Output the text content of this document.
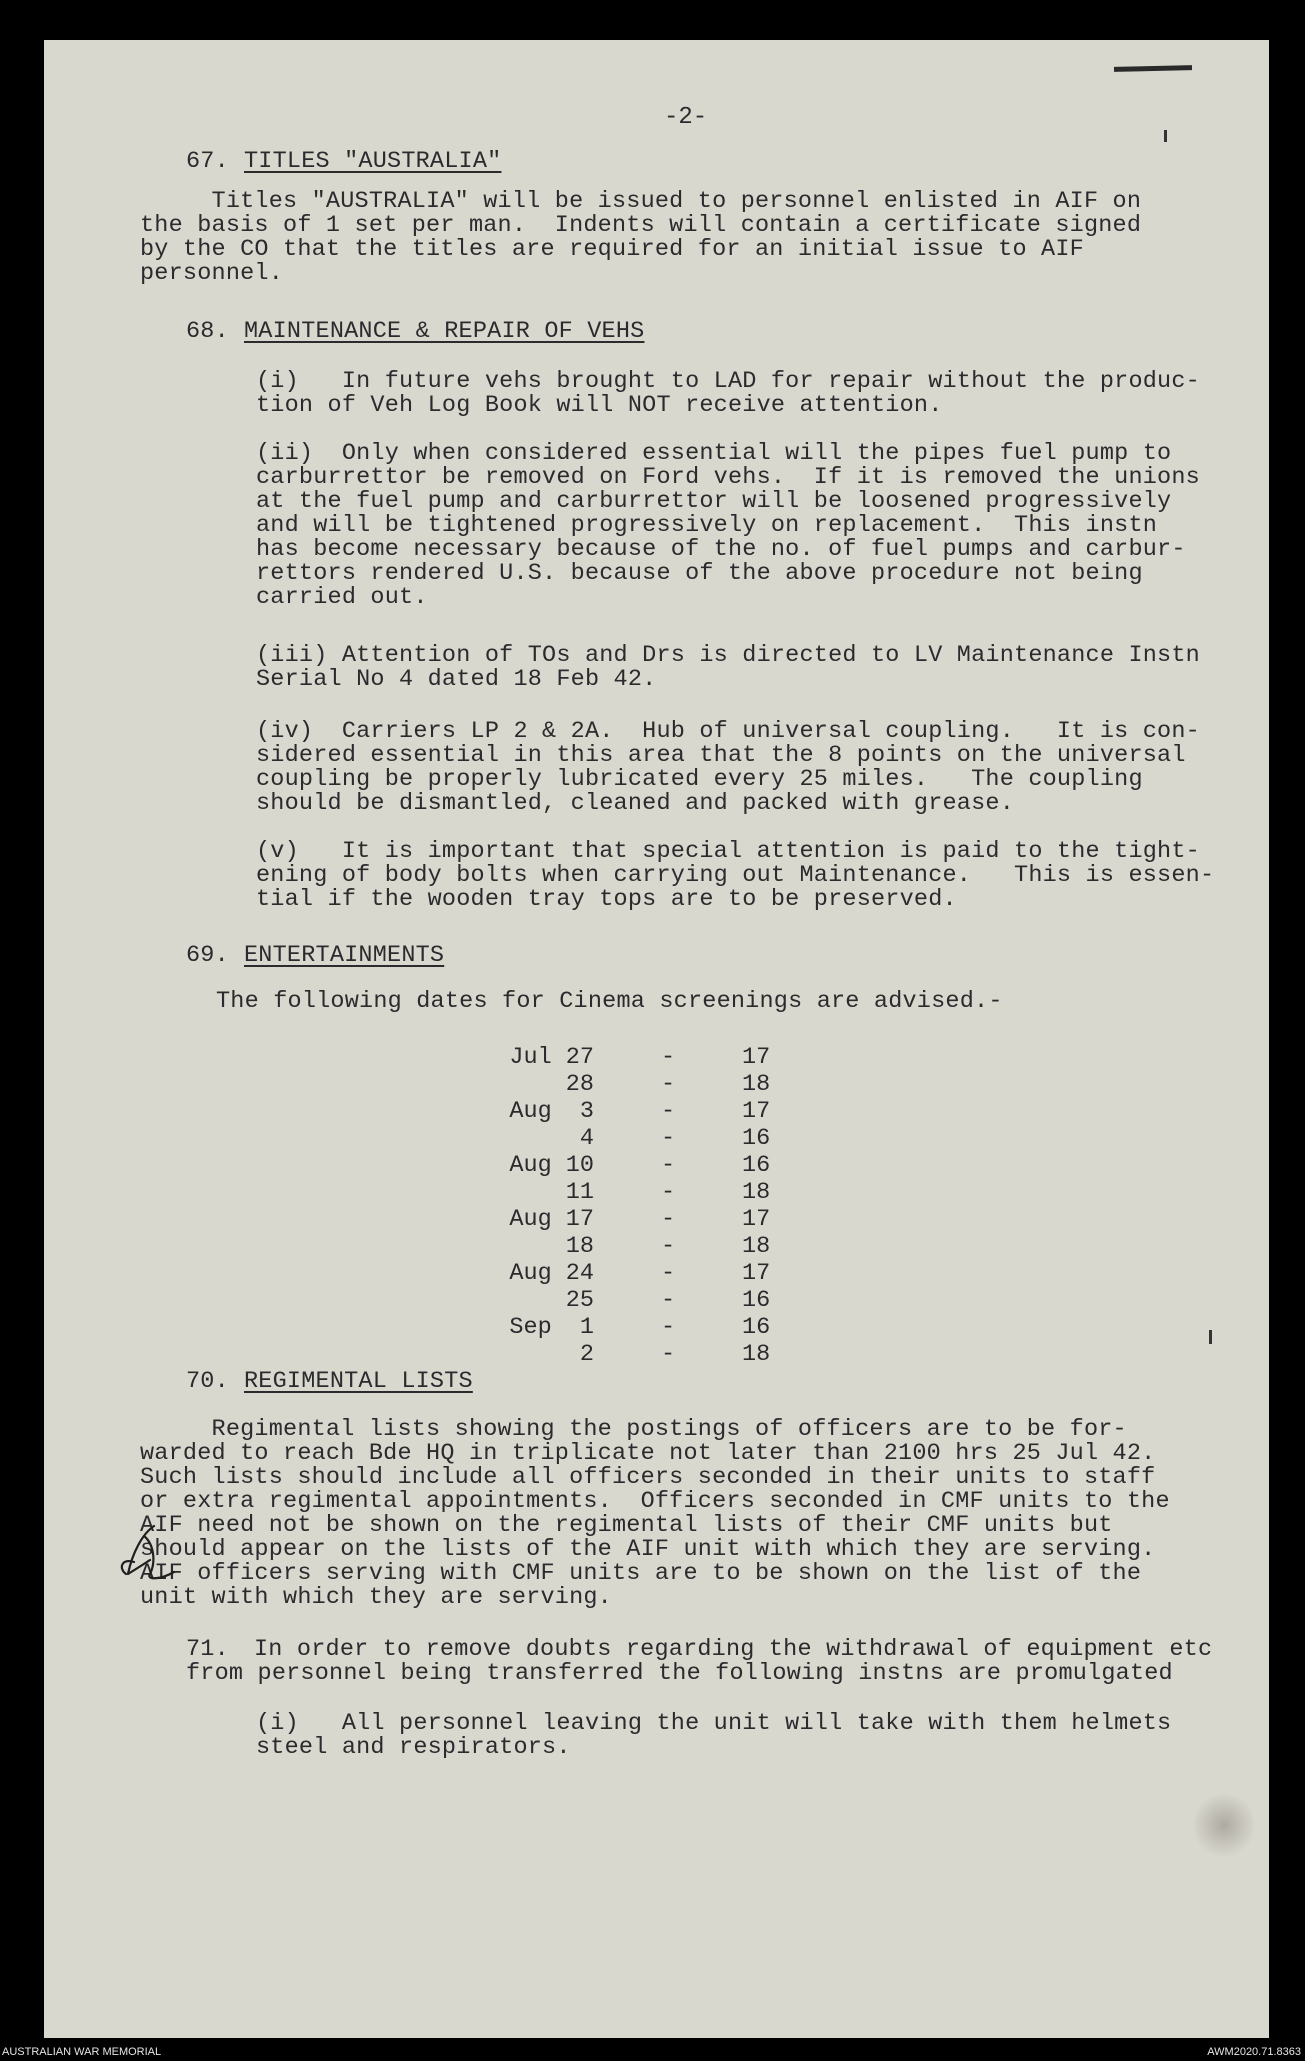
-2-
67. TITLES "AUSTRALIA"
Titles "AUSTRALIA" will be issued to personnel enlisted in AIF on
the basis of 1 set per man.  Indents will contain a certificate signed
by the CO that the titles are required for an initial issue to AIF
personnel.
68. MAINTENANCE & REPAIR OF VEHS
(i)   In future vehs brought to LAD for repair without the produc-
tion of Veh Log Book will NOT receive attention.
(ii)  Only when considered essential will the pipes fuel pump to
carburrettor be removed on Ford vehs.  If it is removed the unions
at the fuel pump and carburrettor will be loosened progressively
and will be tightened progressively on replacement.  This instn
has become necessary because of the no. of fuel pumps and carbur-
rettors rendered U.S. because of the above procedure not being
carried out.
(iii) Attention of TOs and Drs is directed to LV Maintenance Instn
Serial No 4 dated 18 Feb 42.
(iv)  Carriers LP 2 & 2A.  Hub of universal coupling.   It is con-
sidered essential in this area that the 8 points on the universal
coupling be properly lubricated every 25 miles.   The coupling
should be dismantled, cleaned and packed with grease.
(v)   It is important that special attention is paid to the tight-
ening of body bolts when carrying out Maintenance.   This is essen-
tial if the wooden tray tops are to be preserved.
69. ENTERTAINMENTS
The following dates for Cinema screenings are advised.-
Jul 27	-	17
28	-	18
Aug  3	-	17
4	-	16
Aug 10	-	16
11	-	18
Aug 17	-	17
18	-	18
Aug 24	-	17
25	-	16
Sep  1	-	16
2	-	18
70. REGIMENTAL LISTS
Regimental lists showing the postings of officers are to be for-
warded to reach Bde HQ in triplicate not later than 2100 hrs 25 Jul 42.
Such lists should include all officers seconded in their units to staff
or extra regimental appointments.  Officers seconded in CMF units to the
AIF need not be shown on the regimental lists of their CMF units but
should appear on the lists of the AIF unit with which they are serving.
AIF officers serving with CMF units are to be shown on the list of the
unit with which they are serving.
71. In order to remove doubts regarding the withdrawal of equipment etc
from personnel being transferred the following instns are promulgated
(i)   All personnel leaving the unit will take with them helmets
steel and respirators.
AUSTRALIAN WAR MEMORIAL	AWM2020.71.8363
